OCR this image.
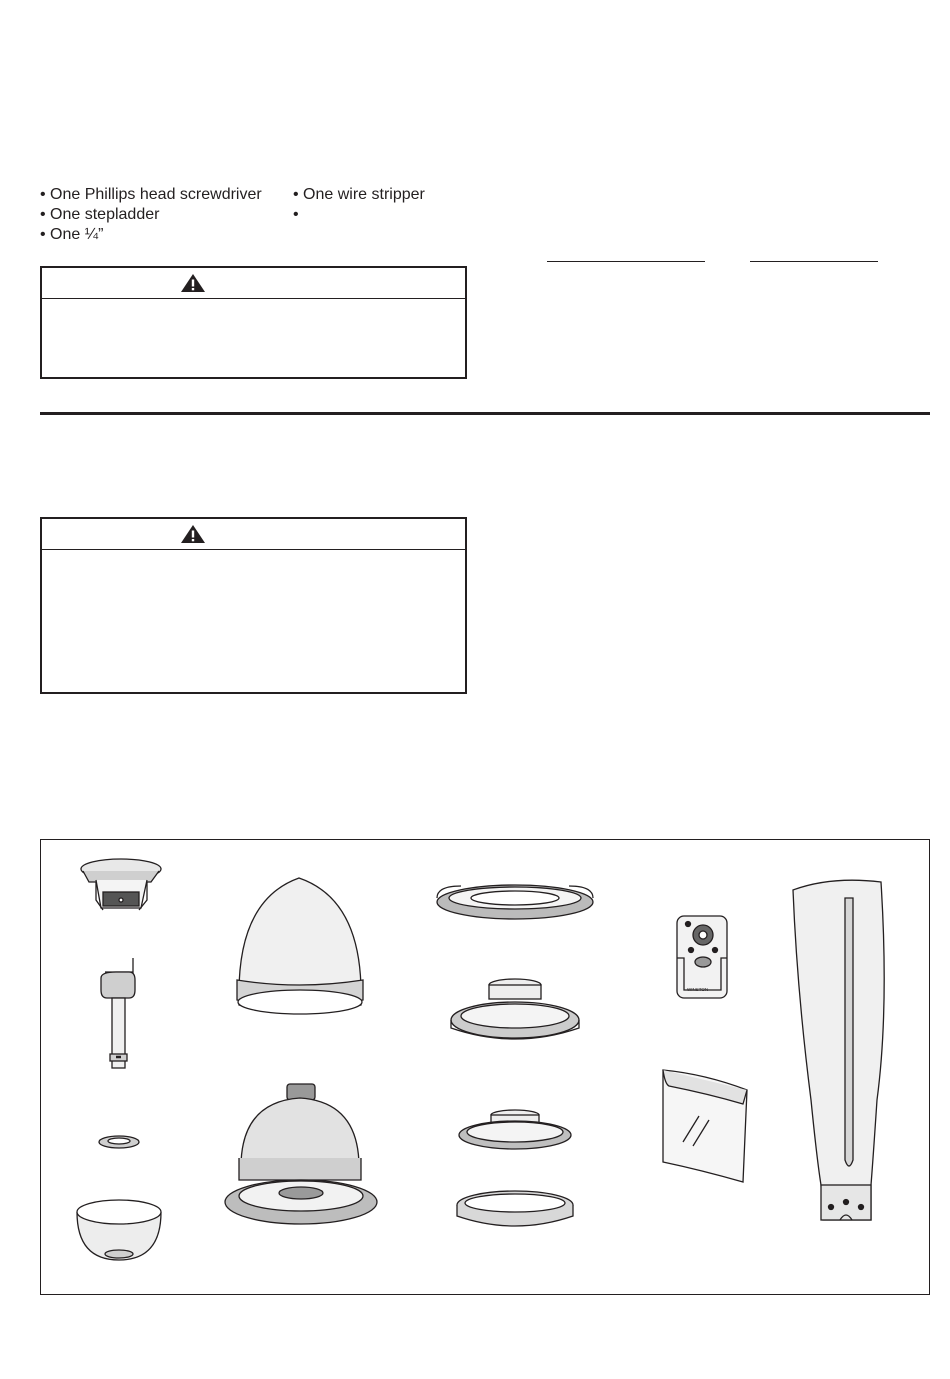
• One Phillips head screwdriver
• One stepladder
• One ¼”
• One wire stripper
•
WINSTON
